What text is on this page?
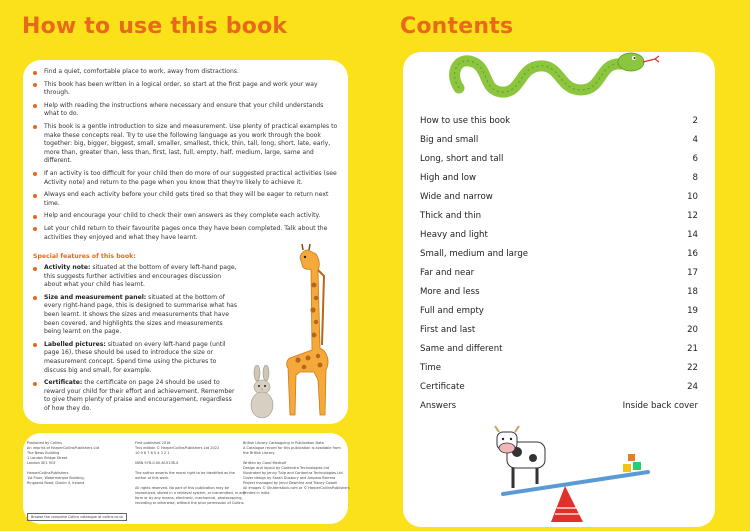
How to use this book
Find a quiet, comfortable place to work, away from distractions.
This book has been written in a logical order, so start at the first page and work your way through.
Help with reading the instructions where necessary and ensure that your child understands what to do.
This book is a gentle introduction to size and measurement. Use plenty of practical examples to make these concepts real. Try to use the following language as you work through the book together: big, bigger, biggest, small, smaller, smallest, thick, thin, tall, long, short, late, early, more than, greater than, less than, first, last, full, empty, half, medium, large, same and different.
If an activity is too difficult for your child then do more of our suggested practical activities (see Activity note) and return to the page when you know that they're likely to achieve it.
Always end each activity before your child gets tired so that they will be eager to return next time.
Help and encourage your child to check their own answers as they complete each activity.
Let your child return to their favourite pages once they have been completed. Talk about the activities they enjoyed and what they have learnt.
Special features of this book:
Activity note: situated at the bottom of every left-hand page, this suggests further activities and encourages discussion about what your child has learnt.
Size and measurement panel: situated at the bottom of every right-hand page, this is designed to summarise what has been learnt. It shows the sizes and measurements that have been covered, and highlights the sizes and measurements being learnt on the page.
Labelled pictures: situated on every left-hand page (until page 16), these should be used to introduce the size or measurement concept. Spend time using the pictures to discuss big and small, for example.
Certificate: the certificate on page 24 should be used to reward your child for their effort and achievement. Remember to give them plenty of praise and encouragement, regardless of how they do.
Published by Collins
An imprint of HarperCollinsPublishers Ltd
The News Building
1 London Bridge Street
London SE1 9GF

HarperCollinsPublishers
1st Floor, Watermarque Building,
Ringsend Road, Dublin 4, Ireland
First published 2016
This edition © HarperCollinsPublishers Ltd 2022
10 9 8 7 6 5 4 3 2 1

ISBN 978-0-00-815138-X

The author asserts the moral right to be identified as the
author of this work.

All rights reserved. No part of this publication may be
reproduced, stored in a retrieval system, or transmitted, in any
form or by any means, electronic, mechanical, photocopying,
recording or otherwise, without the prior permission of Collins.
British Library Cataloguing in Publication Data
A Catalogue record for this publication is available from
the British Library.

Written by Carol Medcalf
Design and layout by Contentra Technologies Ltd
Illustrated by Jenny Tulip and Contentra Technologies Ltd
Cover design by Sarah Duxbury and Amparo Barrera
Project managed by Jenni Dewhirst and Tracey Cowell
All images © Shutterstock.com or © HarperCollinsPublishers
Printed in India
Browse the complete Collins catalogue at collins.co.uk
Contents
How to use this book	2
Big and small	4
Long, short and tall	6
High and low	8
Wide and narrow	10
Thick and thin	12
Heavy and light	14
Small, medium and large	16
Far and near	17
More and less	18
Full and empty	19
First and last	20
Same and different	21
Time	22
Certificate	24
Answers	Inside back cover
